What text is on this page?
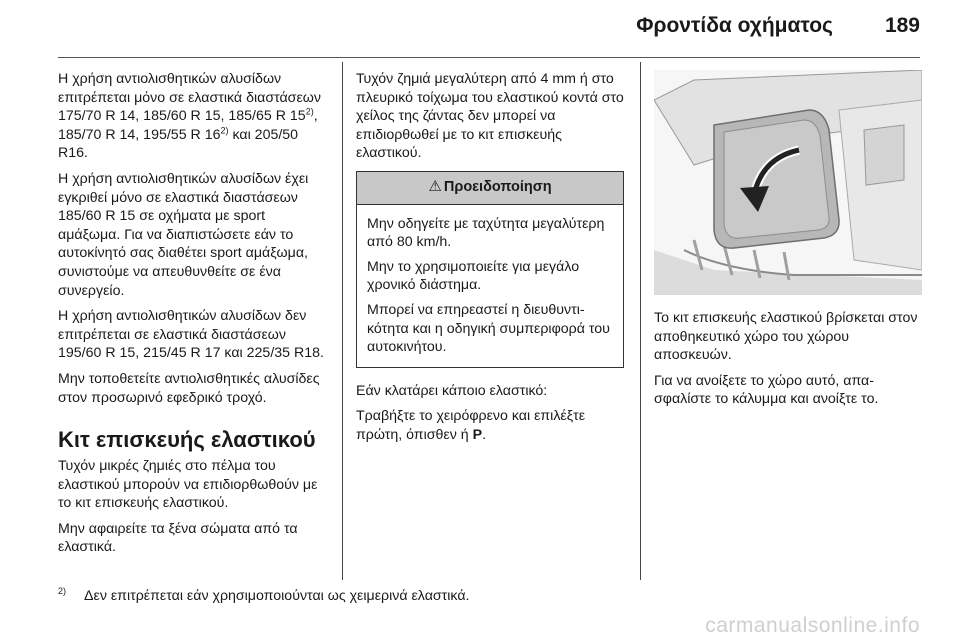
Φροντίδα οχήματος 189

Η χρήση αντιολισθητικών αλυσίδων επιτρέπεται μόνο σε ελαστικά διαστάσεων 175/70 R 14, 185/60 R 15, 185/65 R 15$^{2)}$, 185/70 R 14, 195/55 R 16$^{2)}$ και 205/50 R16.

Η χρήση αντιολισθητικών αλυσίδων έχει εγκριθεί μόνο σε ελαστικά διαστάσεων 185/60 R 15 σε οχήματα με sport αμάξωμα. Για να διαπιστώσετε εάν το αυτοκίνητό σας διαθέτει sport αμάξωμα, συνιστούμε να απευθυνθείτε σε ένα συνεργείο.

Η χρήση αντιολισθητικών αλυσίδων δεν επιτρέπεται σε ελαστικά διαστάσεων 195/60 R 15, 215/45 R 17 και 225/35 R18.

Μην τοποθετείτε αντιολισθητικές αλυσίδες στον προσωρινό εφεδρικό τροχό.

Κιτ επισκευής ελαστικού

Τυχόν μικρές ζημιές στο πέλμα του ελαστικού μπορούν να επιδιορθωθούν με το κιτ επισκευής ελαστικού.

Μην αφαιρείτε τα ξένα σώματα από τα ελαστικά.

Τυχόν ζημιά μεγαλύτερη από 4 mm ή στο πλευρικό τοίχωμα του ελαστικού κοντά στο χείλος της ζάντας δεν μπορεί να επιδιορθωθεί με το κιτ επισκευής ελαστικού.

⚠ Προειδοποίηση

Μην οδηγείτε με ταχύτητα μεγαλύτερη από 80 km/h.

Μην το χρησιμοποιείτε για μεγάλο χρονικό διάστημα.

Μπορεί να επηρεαστεί η διευθυντικότητα και η οδηγική συμπεριφορά του αυτοκινήτου.

Εάν κλατάρει κάποιο ελαστικό:

Τραβήξτε το χειρόφρενο και επιλέξτε πρώτη, όπισθεν ή P.

Το κιτ επισκευής ελαστικού βρίσκεται στον αποθηκευτικό χώρο του χώρου αποσκευών.

Για να ανοίξετε το χώρο αυτό, απασφαλίστε το κάλυμμα και ανοίξτε το.

$^{2)}$ Δεν επιτρέπεται εάν χρησιμοποιούνται ως χειμερινά ελαστικά.
carmanualsonline.info
